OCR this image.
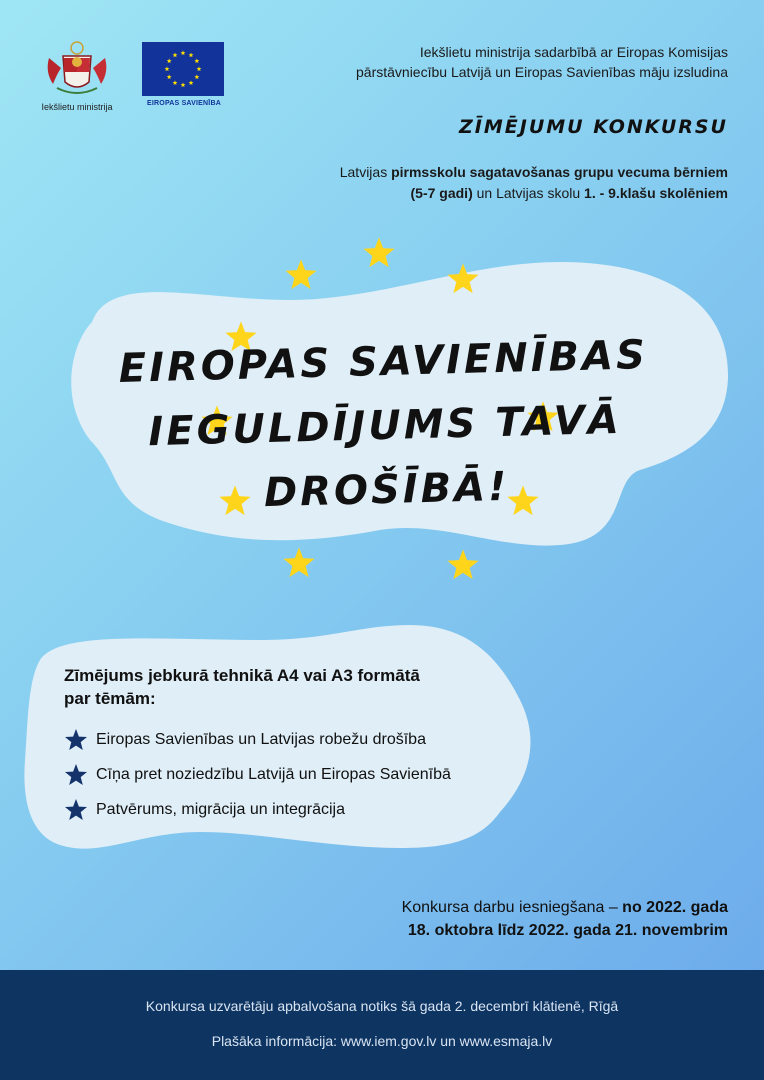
Iekšlietu ministrija	EIROPAS SAVIENĪBA
Iekšlietu ministrija sadarbībā ar Eiropas Komisijas pārstāvniecību Latvijā un Eiropas Savienības māju izsludina
ZĪMĒJUMU KONKURSU
Latvijas pirmsskolu sagatavošanas grupu vecuma bērniem
(5-7 gadi) un Latvijas skolu 1. - 9.klašu skolēniem
EIROPAS SAVIENĪBAS
IEGULDĪJUMS TAVĀ DROŠĪBĀ!
Zīmējums jebkurā tehnikā A4 vai A3 formātā par tēmām:
Eiropas Savienības un Latvijas robežu drošība
Cīņa pret noziedzību Latvijā un Eiropas Savienībā
Patvērums, migrācija un integrācija
Konkursa darbu iesniegšana – no 2022. gada
18. oktobra līdz 2022. gada 21. novembrim
Konkursa uzvarētāju apbalvošana notiks šā gada 2. decembrī klātienē, Rīgā
Plašāka informācija: www.iem.gov.lv un www.esmaja.lv
